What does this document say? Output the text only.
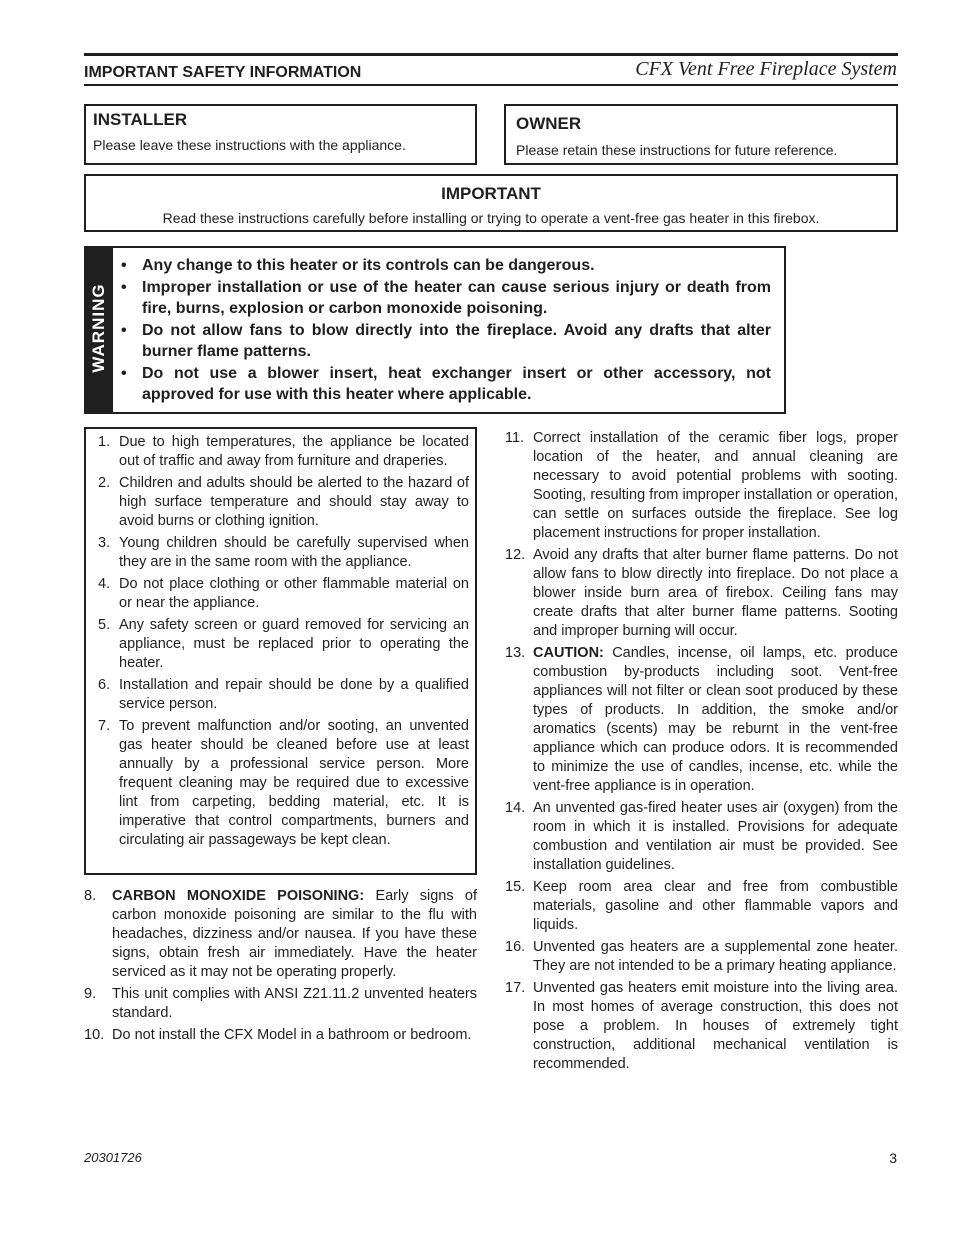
IMPORTANT SAFETY INFORMATION	CFX Vent Free Fireplace System
INSTALLER

Please leave these instructions with the appliance.

OWNER

Please retain these instructions for future reference.

IMPORTANT

Read these instructions carefully before installing or trying to operate a vent-free gas heater in this firebox.

WARNING
• Any change to this heater or its controls can be dangerous.
• Improper installation or use of the heater can cause serious injury or death from fire, burns, explosion or carbon monoxide poisoning.
• Do not allow fans to blow directly into the fireplace. Avoid any drafts that alter burner flame patterns.
• Do not use a blower insert, heat exchanger insert or other accessory, not approved for use with this heater where applicable.
1. Due to high temperatures, the appliance be located out of traffic and away from furniture and draperies.
2. Children and adults should be alerted to the hazard of high surface temperature and should stay away to avoid burns or clothing ignition.
3. Young children should be carefully supervised when they are in the same room with the appliance.
4. Do not place clothing or other flammable material on or near the appliance.
5. Any safety screen or guard removed for servicing an appliance, must be replaced prior to operating the heater.
6. Installation and repair should be done by a qualified service person.
7. To prevent malfunction and/or sooting, an unvented gas heater should be cleaned before use at least annually by a professional service person. More frequent cleaning may be required due to excessive lint from carpeting, bedding material, etc. It is imperative that control compartments, burners and circulating air passageways be kept clean.
8. CARBON MONOXIDE POISONING: Early signs of carbon monoxide poisoning are similar to the flu with headaches, dizziness and/or nausea. If you have these signs, obtain fresh air immediately. Have the heater serviced as it may not be operating properly.
9. This unit complies with ANSI Z21.11.2 unvented heaters standard.
10. Do not install the CFX Model in a bathroom or bedroom.
11. Correct installation of the ceramic fiber logs, proper location of the heater, and annual cleaning are necessary to avoid potential problems with sooting. Sooting, resulting from improper installation or operation, can settle on surfaces outside the fireplace. See log placement instructions for proper installation.
12. Avoid any drafts that alter burner flame patterns. Do not allow fans to blow directly into fireplace. Do not place a blower inside burn area of firebox. Ceiling fans may create drafts that alter burner flame patterns. Sooting and improper burning will occur.
13. CAUTION: Candles, incense, oil lamps, etc. produce combustion by-products including soot. Vent-free appliances will not filter or clean soot produced by these types of products. In addition, the smoke and/or aromatics (scents) may be reburnt in the vent-free appliance which can produce odors. It is recommended to minimize the use of candles, incense, etc. while the vent-free appliance is in operation.
14. An unvented gas-fired heater uses air (oxygen) from the room in which it is installed. Provisions for adequate combustion and ventilation air must be provided. See installation guidelines.
15. Keep room area clear and free from combustible materials, gasoline and other flammable vapors and liquids.
16. Unvented gas heaters are a supplemental zone heater. They are not intended to be a primary heating appliance.
17. Unvented gas heaters emit moisture into the living area. In most homes of average construction, this does not pose a problem. In houses of extremely tight construction, additional mechanical ventilation is recommended.
20301726	3
